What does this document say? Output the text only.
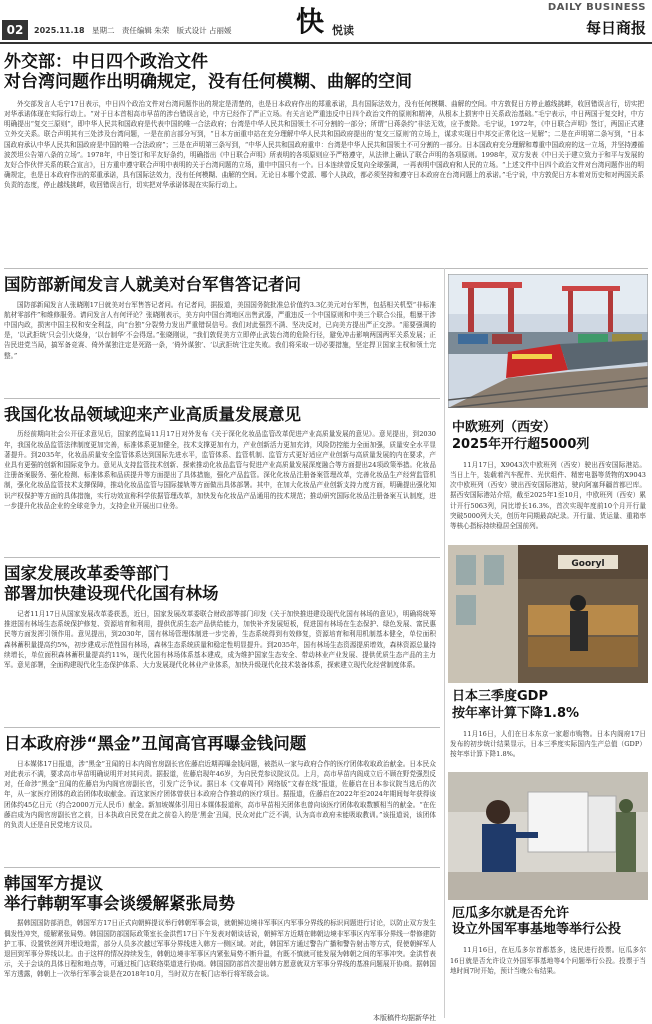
02	2025.11.18 星期二 责任编辑 朱荣 版式设计 占丽媛 快 悦读
DAILY BUSINESS
每日商报
中欧班列（西安）
2025年开行超5000列

11月17日，X9043次中欧班列（西安）驶出西安国际港站。当日上午，装载着汽车配件、光伏组件、精密电器等货物的X9043次中欧班列（西安）驶出西安国际港站，驶向阿塞拜疆首都巴库。据西安国际港站介绍，截至2025年1至10月，中欧班列（西安）累计开行5063列，同比增长16.3%，首次实现年度前10个月开行量突破5000列大关，创历年同期最高纪录。开行量、货运量、重箱率等核心指标持续稳居全国前列。

Gooryl
日本三季度GDP
按年率计算下降1.8%

11月16日，人们在日本东京一家超市购物。日本内阁府17日发布的初步统计结果显示，日本三季度实际国内生产总值（GDP）按年率计算下降1.8%。

厄瓜多尔就是否允许
设立外国军事基地等举行公投

11月16日，在厄瓜多尔首都基多，选民进行投票。厄瓜多尔16日就是否允许设立外国军事基地等4个问题举行公投。投票于当地时间7时开始，预计当晚公布结果。

外交部：中日四个政治文件
对台湾问题作出明确规定，没有任何模糊、曲解的空间

外交部发言人毛宁17日表示，中日四个政治文件对台湾问题作出的规定是清楚的，也是日本政府作出的郑重承诺，具有国际法效力，没有任何模糊、曲解的空间。中方敦促日方停止越线挑衅，收回错误言行，切实把对华承诺体现在实际行动上。“对于日本首相高市早苗的涉台错误言论，中方已经作了严正立场。有关言论严重违反中日四个政治文件的原则和精神，从根本上损害中日关系政治基础。”毛宁表示，中日两国于复交时，中方明确提出“复交三原则”，即中华人民共和国政府是代表中国的唯一合法政府；台湾是中华人民共和国领土不可分割的一部分；所谓“日蒋条约”非法无效，应予废除。毛宁说，1972年，《中日联合声明》签订，两国正式建立外交关系。联合声明其有三处涉及台湾问题，一是在前言部分写到，“日本方面重申站在充分理解中华人民共和国政府提出的‘复交三原则’的立场上，谋求实现日中邦交正常化这一见解”；二是在声明第二条写到，“日本国政府承认中华人民共和国政府是中国的唯一合法政府”；三是在声明第三条写到，“中华人民共和国政府重申：台湾是中华人民共和国领土不可分割的一部分。日本国政府充分理解和尊重中国政府的这一立场，并坚持遵循波茨坦公告第八条的立场”。1978年，中日签订和平友好条约，明确指出《中日联合声明》所表明的各项原则应予严格遵守，从法律上确认了联合声明的各项原则。1998年，双方发表《中日关于建立致力于和平与发展的友好合作伙伴关系的联合宣言》，日方重申遵守联合声明中表明的关于台湾问题的立场，重申中国只有一个。日本连续曾反复向全球强调，一再表明中国政府和人民的立场。“上述文件中日四个政治文件对台湾问题作出的明确规定，也是日本政府作出的郑重承诺，具有国际法效力，没有任何模糊、曲解的空间。无论日本哪个党派、哪个人执政，都必须坚持和遵守日本政府在台湾问题上的承诺。”毛宁说，中方敦促日方本着对历史和对两国关系负责的态度，停止越线挑衅，收回错误言行，切实把对华承诺体现在实际行动上。

国防部新闻发言人就美对台军售答记者问

国防部新闻发言人张晓刚17日就美对台军售答记者问。有记者问，据报道，美国国务院批准总价值约3.3亿美元对台军售，包括相关机型“非标准航材零部件”和维修服务。请问发言人有何评论？张晓刚表示，美方向中国台湾地区出售武器，严重违反一个中国原则和中美三个联合公报，粗暴干涉中国内政，损害中国主权和安全利益，向“台独”分裂势力发出严重错误信号。我们对此强烈不满、坚决反对，已向美方提出严正交涉。“需要强调的是，‘以武拒统’只会引火烧身，‘以台制华’不会得逞。”张晓刚说，“我们敦促美方立即停止武装台湾的危险行径，避免冲击影响两国两军关系发展；正告民进党当局，搞军备竞赛、倚外谋独注定是死路一条，‘倚外谋独’、‘以武拒统’注定失败。我们将采取一切必要措施，坚定捍卫国家主权和领土完整。”

我国化妆品领域迎来产业高质量发展意见

历经前期向社会公开征求意见后，国家药监局11月17日对外发布《关于深化化妆品监管改革促进产业高质量发展的意见》。意见提出，到2030年，我国化妆品监管法律制度更加完善，标准体系更加健全，技术支撑更加有力，产业创新活力更加充沛，风险防控能力全面加强，质量安全水平显著提升。到2035年，化妆品质量安全监管体系达到国际先进水平，监管体系、监管机制、监管方式更好适应产业创新与高质量发展的内在要求，产业具有更强的创新和国际竞争力。意见从支持监管技术创新、探索推动化妆品监管与促进产业高质量发展深度融合等方面提出24项政策举措。化妆品注册备案服务、强化检测、标准体系和品质提升等方面提出了具体措施，强化产品监管。深化化妆品注册备案管理改革，完善化妆品生产经营监管机制，强化化妆品监管技术支撑保障，推动化妆品监管与国际接轨等方面做出具体部署。其中，在加大化妆品产业创新支持力度方面，明确提出强化知识产权保护等方面的具体措施，实行功效宣称科学依据管理改革，加快发布化妆品产品通用的技术规范；推动研究国际化妆品注册备案互认制度，进一步提升化妆品企业的全球竞争力，支持企业开展出口业务。

国家发展改革委等部门
部署加快建设现代化国有林场

记者11月17日从国家发展改革委获悉，近日，国家发展改革委联合财政部等部门印发《关于加快推进建设现代化国有林场的意见》，明确将统筹推进国有林场生态系统保护修复、资源培育和利用，提供优质生态产品供给能力，加快补齐发展短板，促进国有林场在生态保护、绿色发展、富民惠民等方面发挥引领作用。意见提出，到2030年，国有林场管理体制进一步完善，生态系统得到有效修复，资源培育和利用机制基本健全，单位面积森林蓄积量提高约5%，初步建成示范性国有林场，森林生态系统质量和稳定性明显提升。到2035年，国有林场生态资源提质增效，森林资源总量持续增长，单位面积森林蓄积量提高约11%，现代化国有林场体系基本建成，成为维护国家生态安全、带动林业产业发展、提供优质生态产品的主力军。意见部署，全面构建现代化生态保护体系、大力发展现代化林业产业体系，加快升级现代化技术装备体系，探索建立现代化经营制度体系。

日本政府涉“黑金”丑闻高官再曝金钱问题

日本媒体17日报道，涉“黑金”丑闻的日本内阁官房副长官佐藤启近期再曝金钱问题，被指从一家与政府合作的医疗团体收取政治献金。日本民众对此表示不满，要求高市早苗明确说明并对其问责。据报道，佐藤启现年46岁，为自民党参议院议员。上月，高市早苗内阁成立后不顾在野党强烈反对，任命涉“黑金”丑闻的佐藤启为内阁官房副长官，引发广泛争议。据日本《文春周刊》网络版“文春在线”报道，佐藤启在日本参议院当选后的次年，从一家医疗团体的政治团体收取献金。而这家医疗团体曾获日本政府合作推动的医疗项目。据报道，佐藤启在2022年至2024年期间每年获得该团体约45亿日元（约合2000万元人民币）献金。新加坡媒体引用日本媒体报道称，高市早苗相关团体也曾向该医疗团体收取数额相当的献金。“在佐藤启成为内阁官房副长官之前，日本执政自民党在此之前卷入的是‘黑金’丑闻，民众对此广泛不满，认为高市政府未能吸取教训。”该报道说，该团体的负责人还是自民党地方议员。

韩国军方提议
举行韩朝军事会谈缓解紧张局势

据韩国国防部消息，韩国军方17日正式向朝鲜提议举行韩朝军事会谈，就朝鲜边境非军事区内军事分界线的标识问题进行讨论，以防止双方发生偶发性冲突，缓解紧张局势。韩国国防部国际政策室长金洪哲17日下午发表对朝谈话说，朝鲜军方近期在韩朝边境非军事区内军事分界线一带修建防护工事、设置铁丝网并埋设地雷，部分人员多次越过军事分界线进入韩方一侧区域。对此，韩国军方通过警告广播和警告射击等方式，促使朝鲜军人退回到军事分界线以北。由于这样的情况持续发生，韩朝边境非军事区内紧张局势不断升温，有既不慎就可能发展为韩朝之间的军事冲突。金洪哲表示，关于会谈的具体日程和地点等，可通过板门店联络渠道进行协商。韩国国防部首次提出韩方愿意就双方军事分界线的基准问题展开协商。据韩国军方透露，韩朝上一次举行军事会谈是在2018年10月，当时双方在板门店举行将军级会谈。

本版稿件均据新华社
